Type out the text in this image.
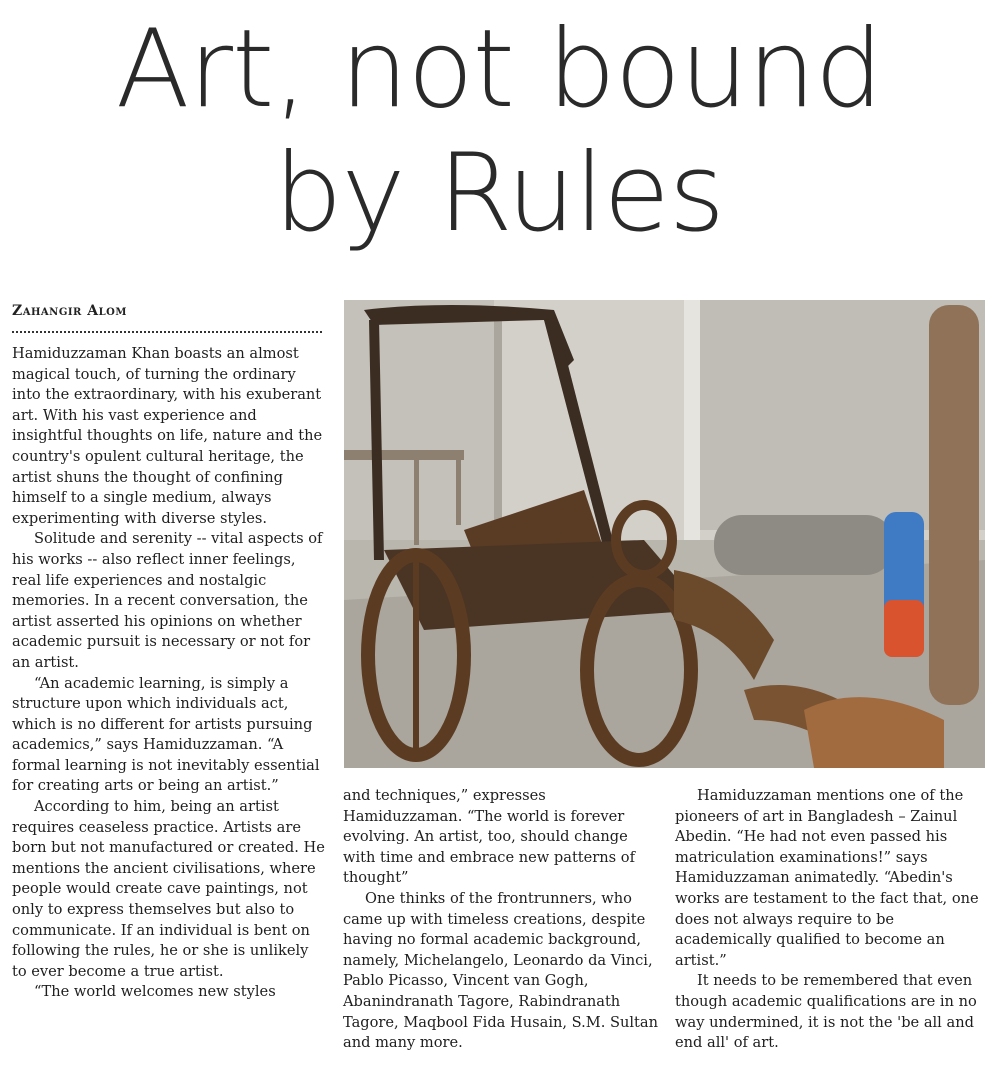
Art, not bound
by Rules
Zahangir Alom

Hamiduzzaman Khan boasts an almost magical touch, of turning the ordinary into the extraordinary, with his exuberant art. With his vast experience and insightful thoughts on life, nature and the country's opulent cultural heritage, the artist shuns the thought of confining himself to a single medium, always experimenting with diverse styles.

Solitude and serenity -- vital aspects of his works -- also reflect inner feelings, real life experiences and nostalgic memories. In a recent conversation, the artist asserted his opinions on whether academic pursuit is necessary or not for an artist.

“An academic learning, is simply a structure upon which individuals act, which is no different for artists pursuing academics,” says Hamiduzzaman. “A formal learning is not inevitably essential for creating arts or being an artist.”

According to him, being an artist requires ceaseless practice. Artists are born but not manufactured or created. He mentions the ancient civilisations, where people would create cave paintings, not only to express themselves but also to communicate. If an individual is bent on following the rules, he or she is unlikely to ever become a true artist.

“The world welcomes new styles

and techniques,” expresses Hamiduzzaman. “The world is forever evolving. An artist, too, should change with time and embrace new patterns of thought”

One thinks of the frontrunners, who came up with timeless creations, despite having no formal academic background, namely, Michelangelo, Leonardo da Vinci, Pablo Picasso, Vincent van Gogh, Abanindranath Tagore, Rabindranath Tagore, Maqbool Fida Husain, S.M. Sultan and many more.

Hamiduzzaman mentions one of the pioneers of art in Bangladesh – Zainul Abedin. “He had not even passed his matriculation examinations!” says Hamiduzzaman animatedly. “Abedin's works are testament to the fact that, one does not always require to be academically qualified to become an artist.”

It needs to be remembered that even though academic qualifications are in no way undermined, it is not the 'be all and end all' of art.
